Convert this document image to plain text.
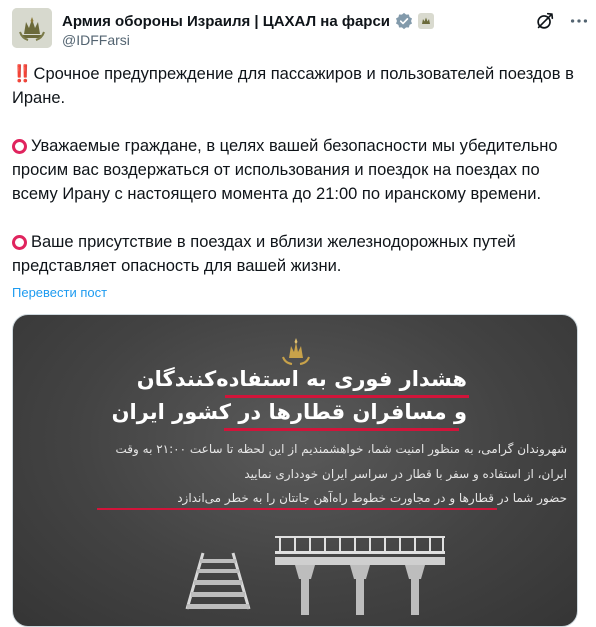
Армия обороны Израиля | ЦАХАЛ на фарси
@IDFFarsi

‼️ Срочное предупреждение для пассажиров и пользователей поездов в Иране.

Уважаемые граждане, в целях вашей безопасности мы убедительно просим вас воздержаться от использования и поездок на поездах по всему Ирану с настоящего момента до 21:00 по иранскому времени.

Ваше присутствие в поездах и вблизи железнодорожных путей представляет опасность для вашей жизни.

Перевести пост
هشدار فوری به استفاده‌کنندگان
و مسافران قطارها در کشور ایران
شهروندان گرامی، به منظور امنیت شما، خواهشمندیم از این لحظه تا ساعت ۲۱:۰۰ به وقت
ایران، از استفاده و سفر با قطار در سراسر ایران خودداری نمایید
حضور شما در قطارها و در مجاورت خطوط راه‌آهن جانتان را به خطر می‌اندازد
